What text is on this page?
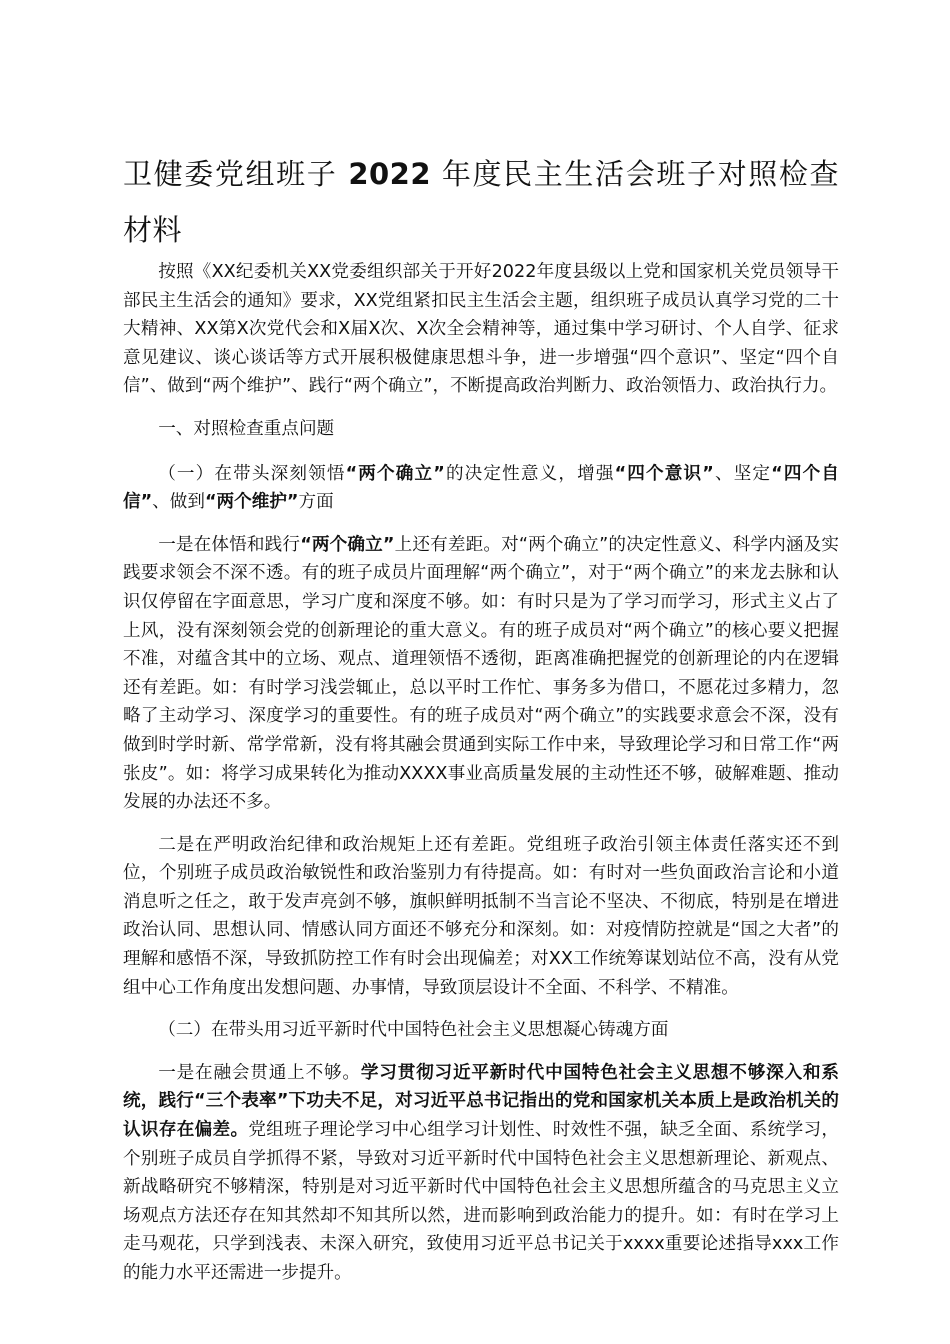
卫健委党组班子 2022 年度民主生活会班子对照检查材料

按照《XX纪委机关XX党委组织部关于开好2022年度县级以上党和国家机关党员领导干部民主生活会的通知》要求，XX党组紧扣民主生活会主题，组织班子成员认真学习党的二十大精神、XX第X次党代会和X届X次、X次全会精神等，通过集中学习研讨、个人自学、征求意见建议、谈心谈话等方式开展积极健康思想斗争，进一步增强“四个意识”、坚定“四个自信”、做到“两个维护”、践行“两个确立”，不断提高政治判断力、政治领悟力、政治执行力。

一、对照检查重点问题

（一）在带头深刻领悟“两个确立”的决定性意义，增强“四个意识”、坚定“四个自信”、做到“两个维护”方面

一是在体悟和践行“两个确立”上还有差距。对“两个确立”的决定性意义、科学内涵及实践要求领会不深不透。有的班子成员片面理解“两个确立”，对于“两个确立”的来龙去脉和认识仅停留在字面意思，学习广度和深度不够。如：有时只是为了学习而学习，形式主义占了上风，没有深刻领会党的创新理论的重大意义。有的班子成员对“两个确立”的核心要义把握不准，对蕴含其中的立场、观点、道理领悟不透彻，距离准确把握党的创新理论的内在逻辑还有差距。如：有时学习浅尝辄止，总以平时工作忙、事务多为借口，不愿花过多精力，忽略了主动学习、深度学习的重要性。有的班子成员对“两个确立”的实践要求意会不深，没有做到时学时新、常学常新，没有将其融会贯通到实际工作中来，导致理论学习和日常工作“两张皮”。如：将学习成果转化为推动XXXX事业高质量发展的主动性还不够，破解难题、推动发展的办法还不多。

二是在严明政治纪律和政治规矩上还有差距。党组班子政治引领主体责任落实还不到位，个别班子成员政治敏锐性和政治鉴别力有待提高。如：有时对一些负面政治言论和小道消息听之任之，敢于发声亮剑不够，旗帜鲜明抵制不当言论不坚决、不彻底，特别是在增进政治认同、思想认同、情感认同方面还不够充分和深刻。如：对疫情防控就是“国之大者”的理解和感悟不深，导致抓防控工作有时会出现偏差；对XX工作统筹谋划站位不高，没有从党组中心工作角度出发想问题、办事情，导致顶层设计不全面、不科学、不精准。

（二）在带头用习近平新时代中国特色社会主义思想凝心铸魂方面

一是在融会贯通上不够。学习贯彻习近平新时代中国特色社会主义思想不够深入和系统，践行“三个表率”下功夫不足，对习近平总书记指出的党和国家机关本质上是政治机关的认识存在偏差。党组班子理论学习中心组学习计划性、时效性不强，缺乏全面、系统学习，个别班子成员自学抓得不紧，导致对习近平新时代中国特色社会主义思想新理论、新观点、新战略研究不够精深，特别是对习近平新时代中国特色社会主义思想所蕴含的马克思主义立场观点方法还存在知其然却不知其所以然，进而影响到政治能力的提升。如：有时在学习上走马观花，只学到浅表、未深入研究，致使用习近平总书记关于xxxx重要论述指导xxx工作的能力水平还需进一步提升。
